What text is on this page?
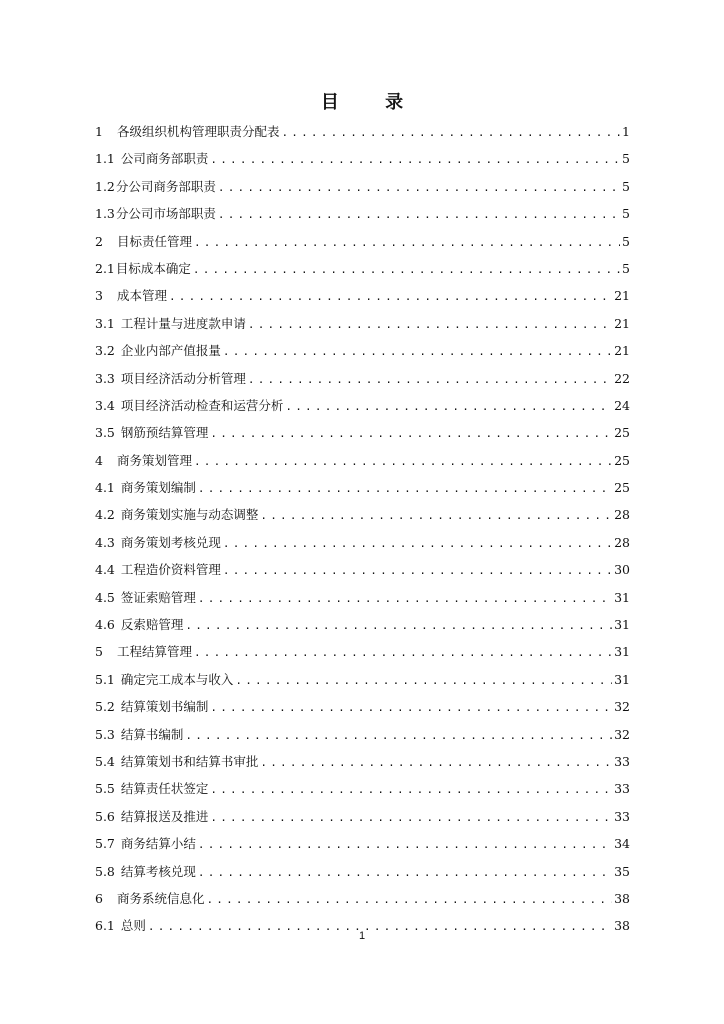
目 录
1 各级组织机构管理职责分配表 .....	1
1.1 公司商务部职责 .....	5
1.2 分公司商务部职责 .....	5
1.3 分公司市场部职责 .....	5
2 目标责任管理 .....	5
2.1 目标成本确定 .....	5
3 成本管理 .....	21
3.1 工程计量与进度款申请 .....	21
3.2 企业内部产值报量 .....	21
3.3 项目经济活动分析管理 .....	22
3.4 项目经济活动检查和运营分析 .....	24
3.5 钢筋预结算管理 .....	25
4 商务策划管理 .....	25
4.1 商务策划编制 .....	25
4.2 商务策划实施与动态调整 .....	28
4.3 商务策划考核兑现 .....	28
4.4 工程造价资料管理 .....	30
4.5 签证索赔管理 .....	31
4.6 反索赔管理 .....	31
5 工程结算管理 .....	31
5.1 确定完工成本与收入 .....	31
5.2 结算策划书编制 .....	32
5.3 结算书编制 .....	32
5.4 结算策划书和结算书审批 .....	33
5.5 结算责任状签定 .....	33
5.6 结算报送及推进 .....	33
5.7 商务结算小结 .....	34
5.8 结算考核兑现 .....	35
6 商务系统信息化 .....	38
6.1 总则 .....	38
1
